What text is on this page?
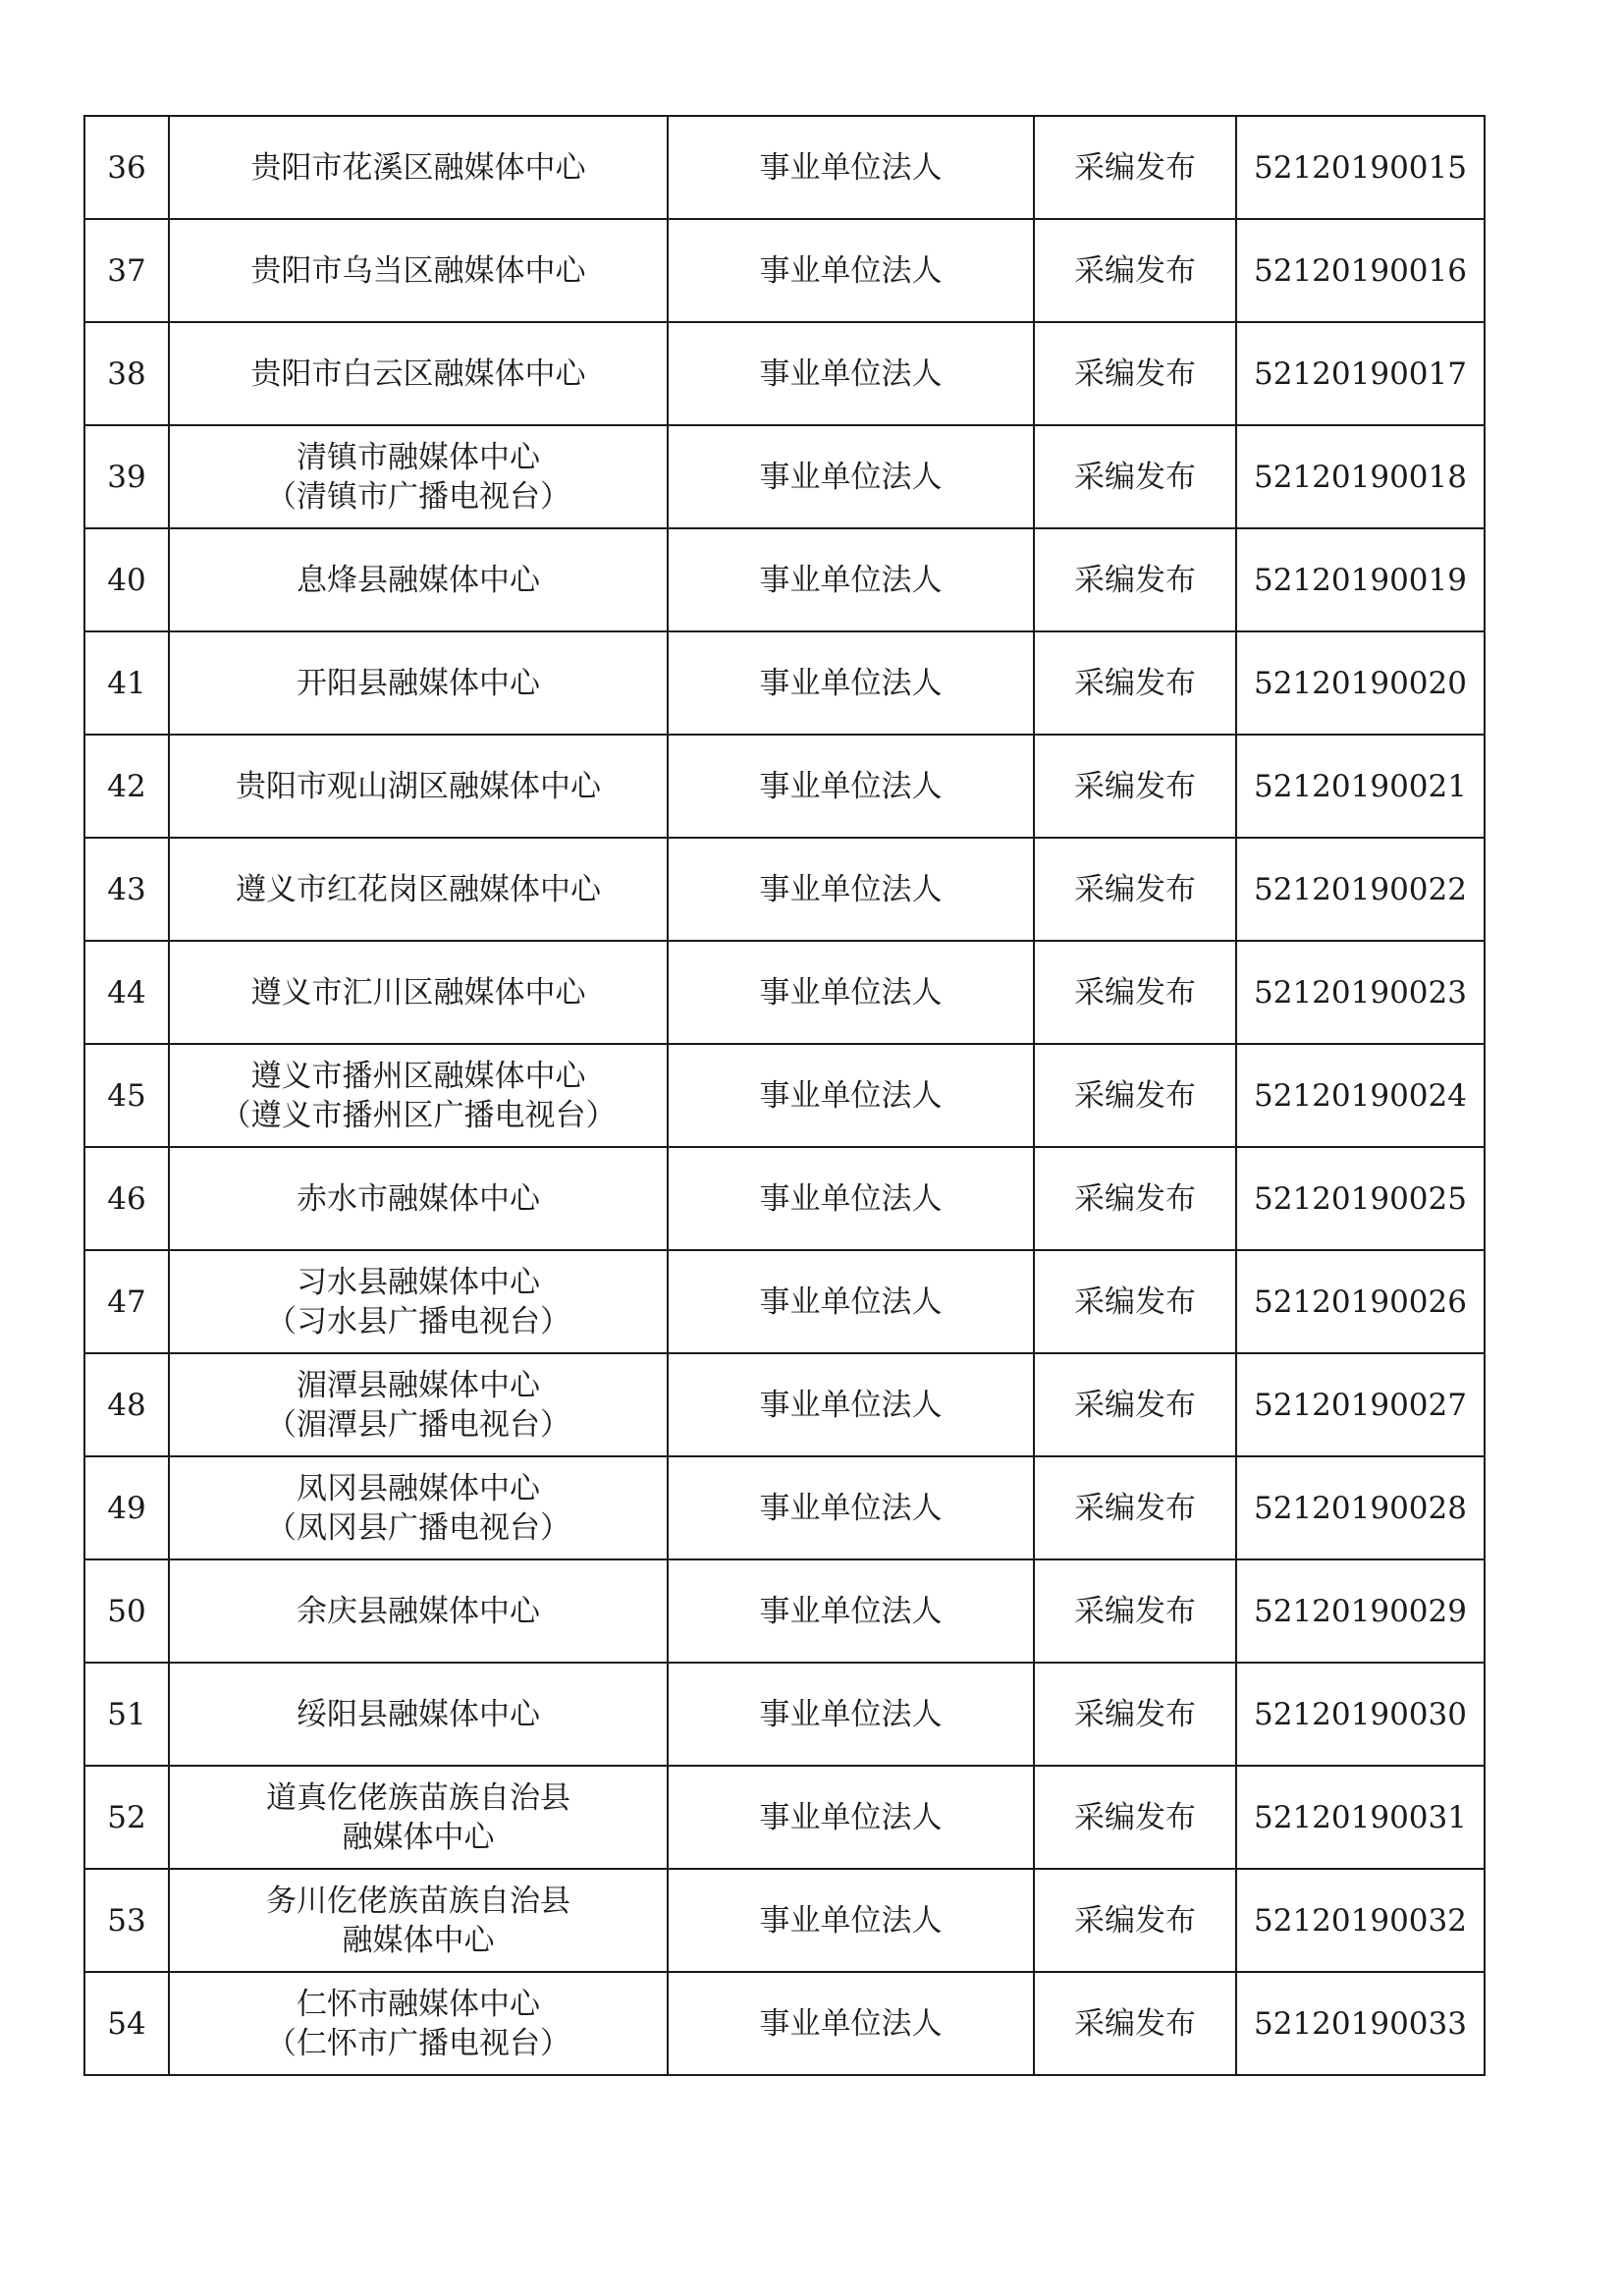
36	贵阳市花溪区融媒体中心	事业单位法人	采编发布	52120190015
37	贵阳市乌当区融媒体中心	事业单位法人	采编发布	52120190016
38	贵阳市白云区融媒体中心	事业单位法人	采编发布	52120190017
39	清镇市融媒体中心
（清镇市广播电视台）	事业单位法人	采编发布	52120190018
40	息烽县融媒体中心	事业单位法人	采编发布	52120190019
41	开阳县融媒体中心	事业单位法人	采编发布	52120190020
42	贵阳市观山湖区融媒体中心	事业单位法人	采编发布	52120190021
43	遵义市红花岗区融媒体中心	事业单位法人	采编发布	52120190022
44	遵义市汇川区融媒体中心	事业单位法人	采编发布	52120190023
45	遵义市播州区融媒体中心
（遵义市播州区广播电视台）	事业单位法人	采编发布	52120190024
46	赤水市融媒体中心	事业单位法人	采编发布	52120190025
47	习水县融媒体中心
（习水县广播电视台）	事业单位法人	采编发布	52120190026
48	湄潭县融媒体中心
（湄潭县广播电视台）	事业单位法人	采编发布	52120190027
49	凤冈县融媒体中心
（凤冈县广播电视台）	事业单位法人	采编发布	52120190028
50	余庆县融媒体中心	事业单位法人	采编发布	52120190029
51	绥阳县融媒体中心	事业单位法人	采编发布	52120190030
52	道真仡佬族苗族自治县
融媒体中心	事业单位法人	采编发布	52120190031
53	务川仡佬族苗族自治县
融媒体中心	事业单位法人	采编发布	52120190032
54	仁怀市融媒体中心
（仁怀市广播电视台）	事业单位法人	采编发布	52120190033
